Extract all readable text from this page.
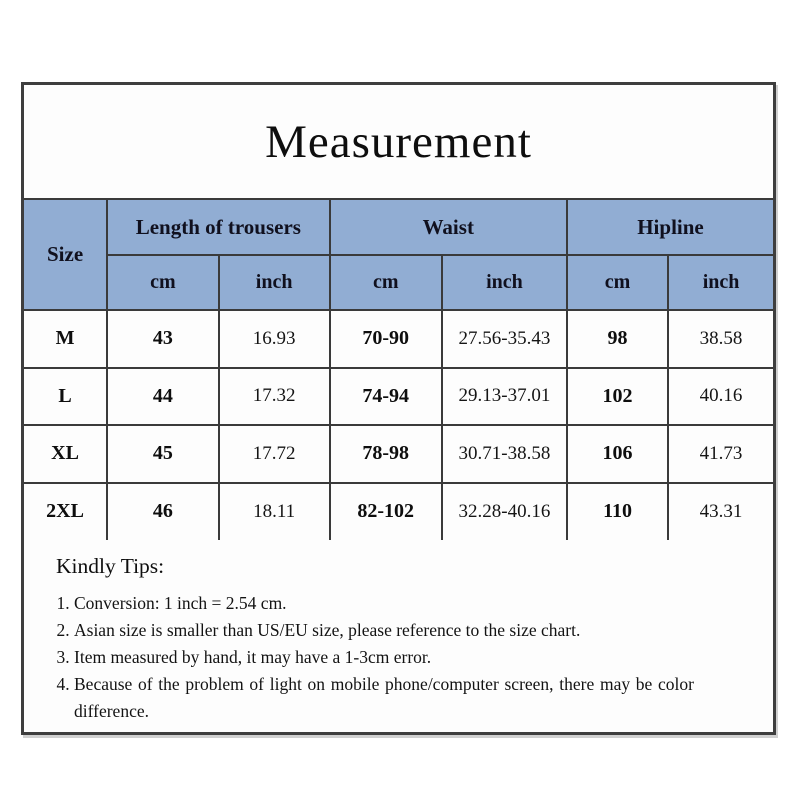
Measurement
Size	Length of trousers		Waist		Hipline	
	cm	inch	cm	inch	cm	inch
M	43	16.93	70-90	27.56-35.43	98	38.58
L	44	17.32	74-94	29.13-37.01	102	40.16
XL	45	17.72	78-98	30.71-38.58	106	41.73
2XL	46	18.11	82-102	32.28-40.16	110	43.31
Kindly Tips:
1. Conversion: 1 inch = 2.54 cm.
2. Asian size is smaller than US/EU size, please reference to the size chart.
3. Item measured by hand, it may have a 1-3cm error.
4. Because of the problem of light on mobile phone/computer screen, there may be color difference.
